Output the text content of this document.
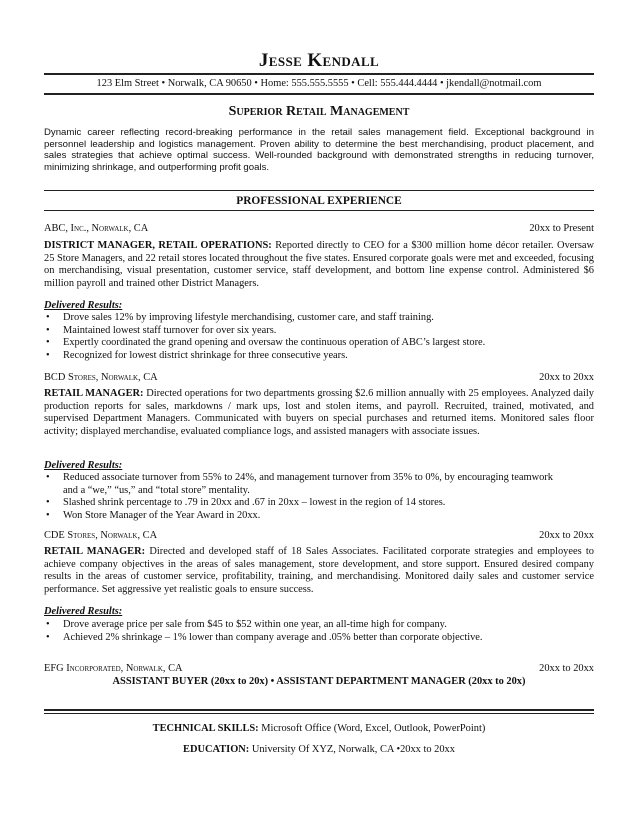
Jesse Kendall
123 Elm Street • Norwalk, CA 90650 • Home: 555.555.5555 • Cell: 555.444.4444 • jkendall@notmail.com
Superior Retail Management
Dynamic career reflecting record-breaking performance in the retail sales management field. Exceptional background in personnel leadership and logistics management. Proven ability to determine the best merchandising, product placement, and sales strategies that achieve optimal success. Well-rounded background with demonstrated strengths in reducing turnover, minimizing shrinkage, and outperforming profit goals.
PROFESSIONAL EXPERIENCE
ABC, Inc., Norwalk, CA	20xx to Present
DISTRICT MANAGER, RETAIL OPERATIONS: Reported directly to CEO for a $300 million home décor retailer. Oversaw 25 Store Managers, and 22 retail stores located throughout the five states. Ensured corporate goals were met and exceeded, focusing on merchandising, visual presentation, customer service, staff development, and bottom line expense control. Administered $6 million payroll and trained other District Managers.
Delivered Results:
• Drove sales 12% by improving lifestyle merchandising, customer care, and staff training.
• Maintained lowest staff turnover for over six years.
• Expertly coordinated the grand opening and oversaw the continuous operation of ABC’s largest store.
• Recognized for lowest district shrinkage for three consecutive years.
BCD Stores, Norwalk, CA	20xx to 20xx
RETAIL MANAGER: Directed operations for two departments grossing $2.6 million annually with 25 employees. Analyzed daily production reports for sales, markdowns / mark ups, lost and stolen items, and payroll. Recruited, trained, motivated, and supervised Department Managers. Communicated with buyers on special purchases and returned items. Monitored sales floor activity; displayed merchandise, evaluated compliance logs, and assisted managers with associate issues.
Delivered Results:
• Reduced associate turnover from 55% to 24%, and management turnover from 35% to 0%, by encouraging teamwork and a “we,” “us,” and “total store” mentality.
• Slashed shrink percentage to .79 in 20xx and .67 in 20xx – lowest in the region of 14 stores.
• Won Store Manager of the Year Award in 20xx.
CDE Stores, Norwalk, CA	20xx to 20xx
RETAIL MANAGER: Directed and developed staff of 18 Sales Associates. Facilitated corporate strategies and employees to achieve company objectives in the areas of sales management, store development, and store support. Ensured desired company results in the areas of customer service, profitability, training, and merchandising. Monitored daily sales and customer service performance. Set aggressive yet realistic goals to ensure success.
Delivered Results:
• Drove average price per sale from $45 to $52 within one year, an all-time high for company.
• Achieved 2% shrinkage – 1% lower than company average and .05% better than corporate objective.
EFG Incorporated, Norwalk, CA	20xx to 20xx
ASSISTANT BUYER (20xx to 20x) • ASSISTANT DEPARTMENT MANAGER (20xx to 20x)
TECHNICAL SKILLS: Microsoft Office (Word, Excel, Outlook, PowerPoint)
EDUCATION: University Of XYZ, Norwalk, CA •20xx to 20xx
